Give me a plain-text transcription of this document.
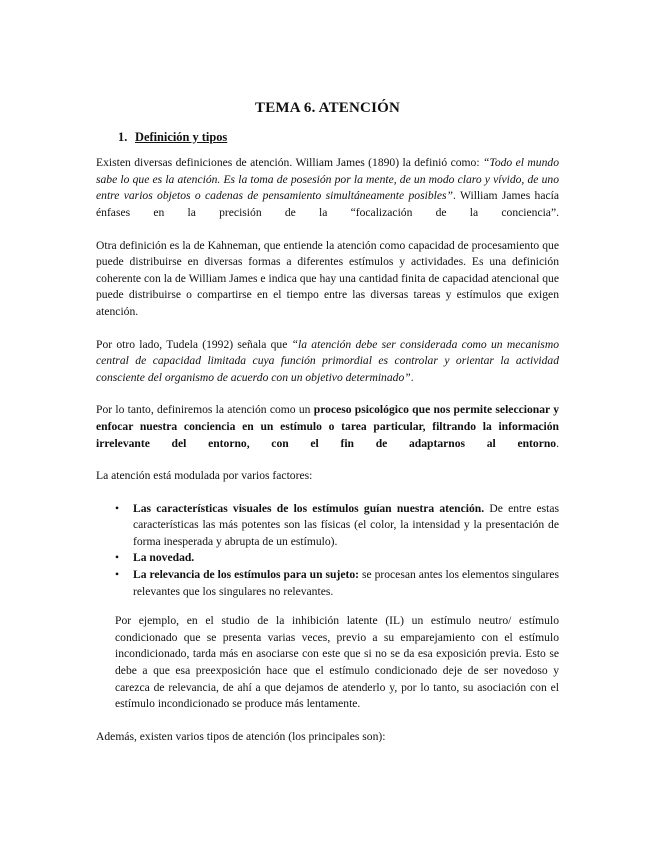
TEMA 6. ATENCIÓN
1. Definición y tipos

Existen diversas definiciones de atención. William James (1890) la definió como: “Todo el mundo sabe lo que es la atención. Es la toma de posesión por la mente, de un modo claro y vívido, de uno entre varios objetos o cadenas de pensamiento simultáneamente posibles”. William James hacía énfases en la precisión de la “focalización de la conciencia”.

Otra definición es la de Kahneman, que entiende la atención como capacidad de procesamiento que puede distribuirse en diversas formas a diferentes estímulos y actividades. Es una definición coherente con la de William James e indica que hay una cantidad finita de capacidad atencional que puede distribuirse o compartirse en el tiempo entre las diversas tareas y estímulos que exigen atención.

Por otro lado, Tudela (1992) señala que “la atención debe ser considerada como un mecanismo central de capacidad limitada cuya función primordial es controlar y orientar la actividad consciente del organismo de acuerdo con un objetivo determinado”.

Por lo tanto, definiremos la atención como un proceso psicológico que nos permite seleccionar y enfocar nuestra conciencia en un estímulo o tarea particular, filtrando la información irrelevante del entorno, con el fin de adaptarnos al entorno.

La atención está modulada por varios factores:

• Las características visuales de los estímulos guían nuestra atención. De entre estas características las más potentes son las físicas (el color, la intensidad y la presentación de forma inesperada y abrupta de un estímulo).
• La novedad.
• La relevancia de los estímulos para un sujeto: se procesan antes los elementos singulares relevantes que los singulares no relevantes.

Por ejemplo, en el studio de la inhibición latente (IL) un estímulo neutro/ estímulo condicionado que se presenta varias veces, previo a su emparejamiento con el estímulo incondicionado, tarda más en asociarse con este que si no se da esa exposición previa. Esto se debe a que esa preexposición hace que el estímulo condicionado deje de ser novedoso y carezca de relevancia, de ahí a que dejamos de atenderlo y, por lo tanto, su asociación con el estímulo incondicionado se produce más lentamente.

Además, existen varios tipos de atención (los principales son):
